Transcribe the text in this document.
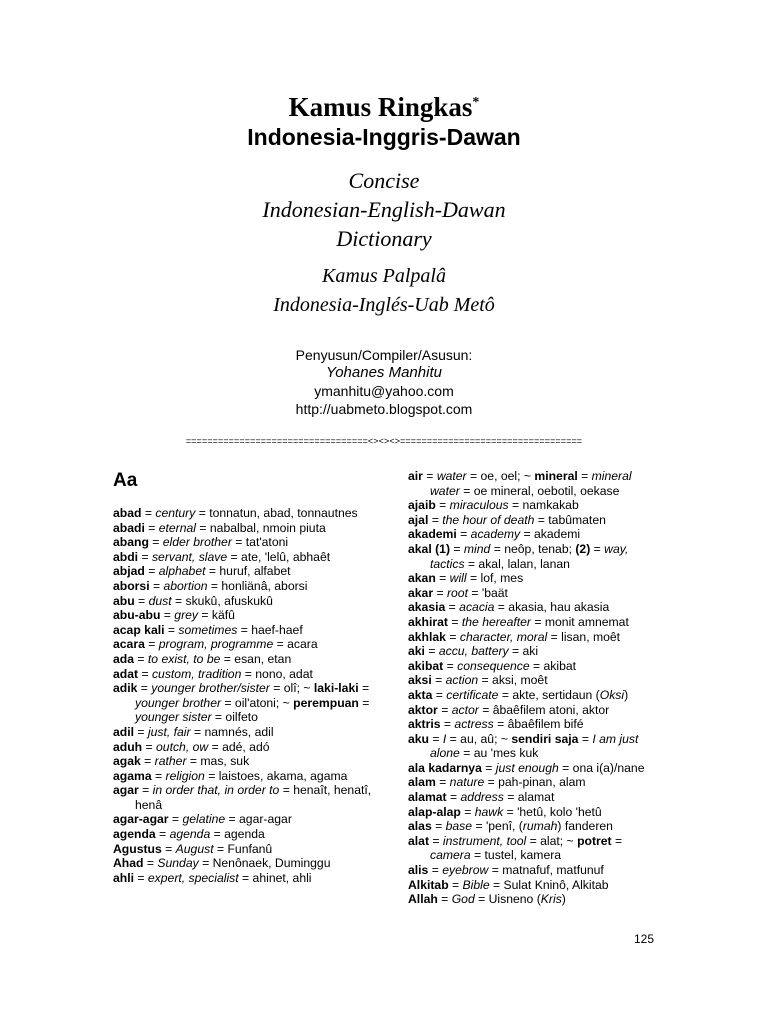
Kamus Ringkas*
Indonesia-Inggris-Dawan
Concise
Indonesian-English-Dawan
Dictionary
Kamus Palpalâ
Indonesia-Inglés-Uab Metô
Penyusun/Compiler/Asusun:
Yohanes Manhitu
ymanhitu@yahoo.com
http://uabmeto.blogspot.com
==================================<><><>==================================
Aa

abad = century = tonnatun, abad, tonnautnes

abadi = eternal = nabalbal, nmoin piuta

abang = elder brother = tat'atoni

abdi = servant, slave = ate, 'lelû, abhaêt

abjad = alphabet = huruf, alfabet

aborsi = abortion = honliänâ, aborsi

abu = dust = skukû, afuskukû

abu-abu = grey = käfû

acap kali = sometimes = haef-haef

acara = program, programme = acara

ada = to exist, to be = esan, etan

adat = custom, tradition = nono, adat

adik = younger brother/sister = olî; ~ laki-laki = younger brother = oil'atoni; ~ perempuan = younger sister = oilfeto

adil = just, fair = namnés, adil

aduh = outch, ow = adé, adó

agak = rather = mas, suk

agama = religion = laistoes, akama, agama

agar = in order that, in order to = henaît, henatî, henâ

agar-agar = gelatine = agar-agar

agenda = agenda = agenda

Agustus = August = Funfanû

Ahad = Sunday = Nenônaek, Duminggu

ahli = expert, specialist = ahinet, ahli

air = water = oe, oel; ~ mineral = mineral water = oe mineral, oebotil, oekase

ajaib = miraculous = namkakab

ajal = the hour of death = tabûmaten

akademi = academy = akademi

akal (1) = mind = neôp, tenab; (2) = way, tactics = akal, lalan, lanan

akan = will = lof, mes

akar = root = 'baät

akasia = acacia = akasia, hau akasia

akhirat = the hereafter = monit amnemat

akhlak = character, moral = lisan, moêt

aki = accu, battery = aki

akibat = consequence = akibat

aksi = action = aksi, moêt

akta = certificate = akte, sertidaun (Oksi)

aktor = actor = âbaêfilem atoni, aktor

aktris = actress = âbaêfilem bifé

aku = I = au, aû; ~ sendiri saja = I am just alone = au 'mes kuk

ala kadarnya = just enough = ona i(a)/nane

alam = nature = pah-pinan, alam

alamat = address = alamat

alap-alap = hawk = 'hetû, kolo 'hetû

alas = base = 'penî, (rumah) fanderen

alat = instrument, tool = alat; ~ potret = camera = tustel, kamera

alis = eyebrow = matnafuf, matfunuf

Alkitab = Bible = Sulat Kninô, Alkitab

Allah = God = Uisneno (Kris)

125
